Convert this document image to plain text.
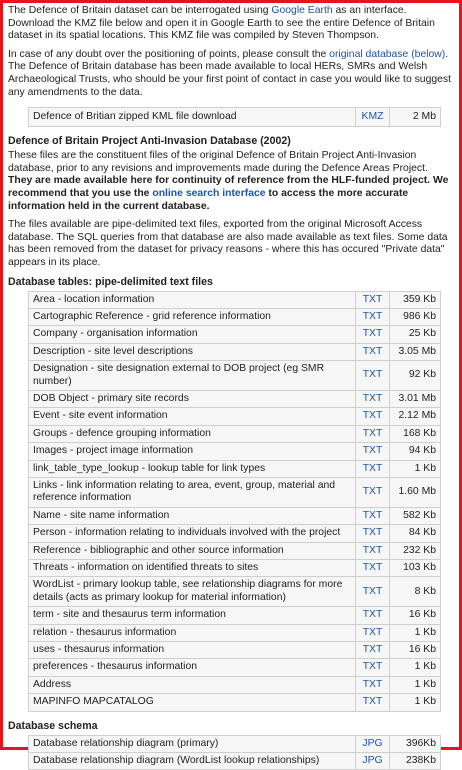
The Defence of Britain dataset can be interrogated using Google Earth as an interface. Download the KMZ file below and open it in Google Earth to see the entire Defence of Britain dataset in its spatial locations. This KMZ file was compiled by Steven Thompson.

In case of any doubt over the positioning of points, please consult the original database (below). The Defence of Britain database has been made available to local HERs, SMRs and Welsh Archaeological Trusts, who should be your first point of contact in case you would like to suggest any amendments to the data.

Defence of Britian zipped KML file download	KMZ	2 Mb
Defence of Britain Project Anti-Invasion Database (2002)

These files are the constituent files of the original Defence of Britain Project Anti-Invasion database, prior to any revisions and improvements made during the Defence Areas Project. They are made available here for continuity of reference from the HLF-funded project. We recommend that you use the online search interface to access the more accurate information held in the current database.

The files available are pipe-delimited text files, exported from the original Microsoft Access database. The SQL queries from that database are also made available as text files. Some data has been removed from the dataset for privacy reasons - where this has occured "Private data" appears in its place.

Database tables: pipe-delimited text files
Area - location information	TXT	359 Kb
Cartographic Reference - grid reference information	TXT	986 Kb
Company - organisation information	TXT	25 Kb
Description - site level descriptions	TXT	3.05 Mb
Designation - site designation external to DOB project (eg SMR number)	TXT	92 Kb
DOB Object - primary site records	TXT	3.01 Mb
Event - site event information	TXT	2.12 Mb
Groups - defence grouping information	TXT	168 Kb
Images - project image information	TXT	94 Kb
link_table_type_lookup - lookup table for link types	TXT	1 Kb
Links - link information relating to area, event, group, material and reference information	TXT	1.60 Mb
Name - site name information	TXT	582 Kb
Person - information relating to individuals involved with the project	TXT	84 Kb
Reference - bibliographic and other source information	TXT	232 Kb
Threats - information on identified threats to sites	TXT	103 Kb
WordList - primary lookup table, see relationship diagrams for more details (acts as primary lookup for material information)	TXT	8 Kb
term - site and thesaurus term information	TXT	16 Kb
relation - thesaurus information	TXT	1 Kb
uses - thesaurus information	TXT	16 Kb
preferences - thesaurus information	TXT	1 Kb
Address	TXT	1 Kb
MAPINFO MAPCATALOG	TXT	1 Kb
Database schema
Database relationship diagram (primary)	JPG	396Kb
Database relationship diagram (WordList lookup relationships)	JPG	238Kb
